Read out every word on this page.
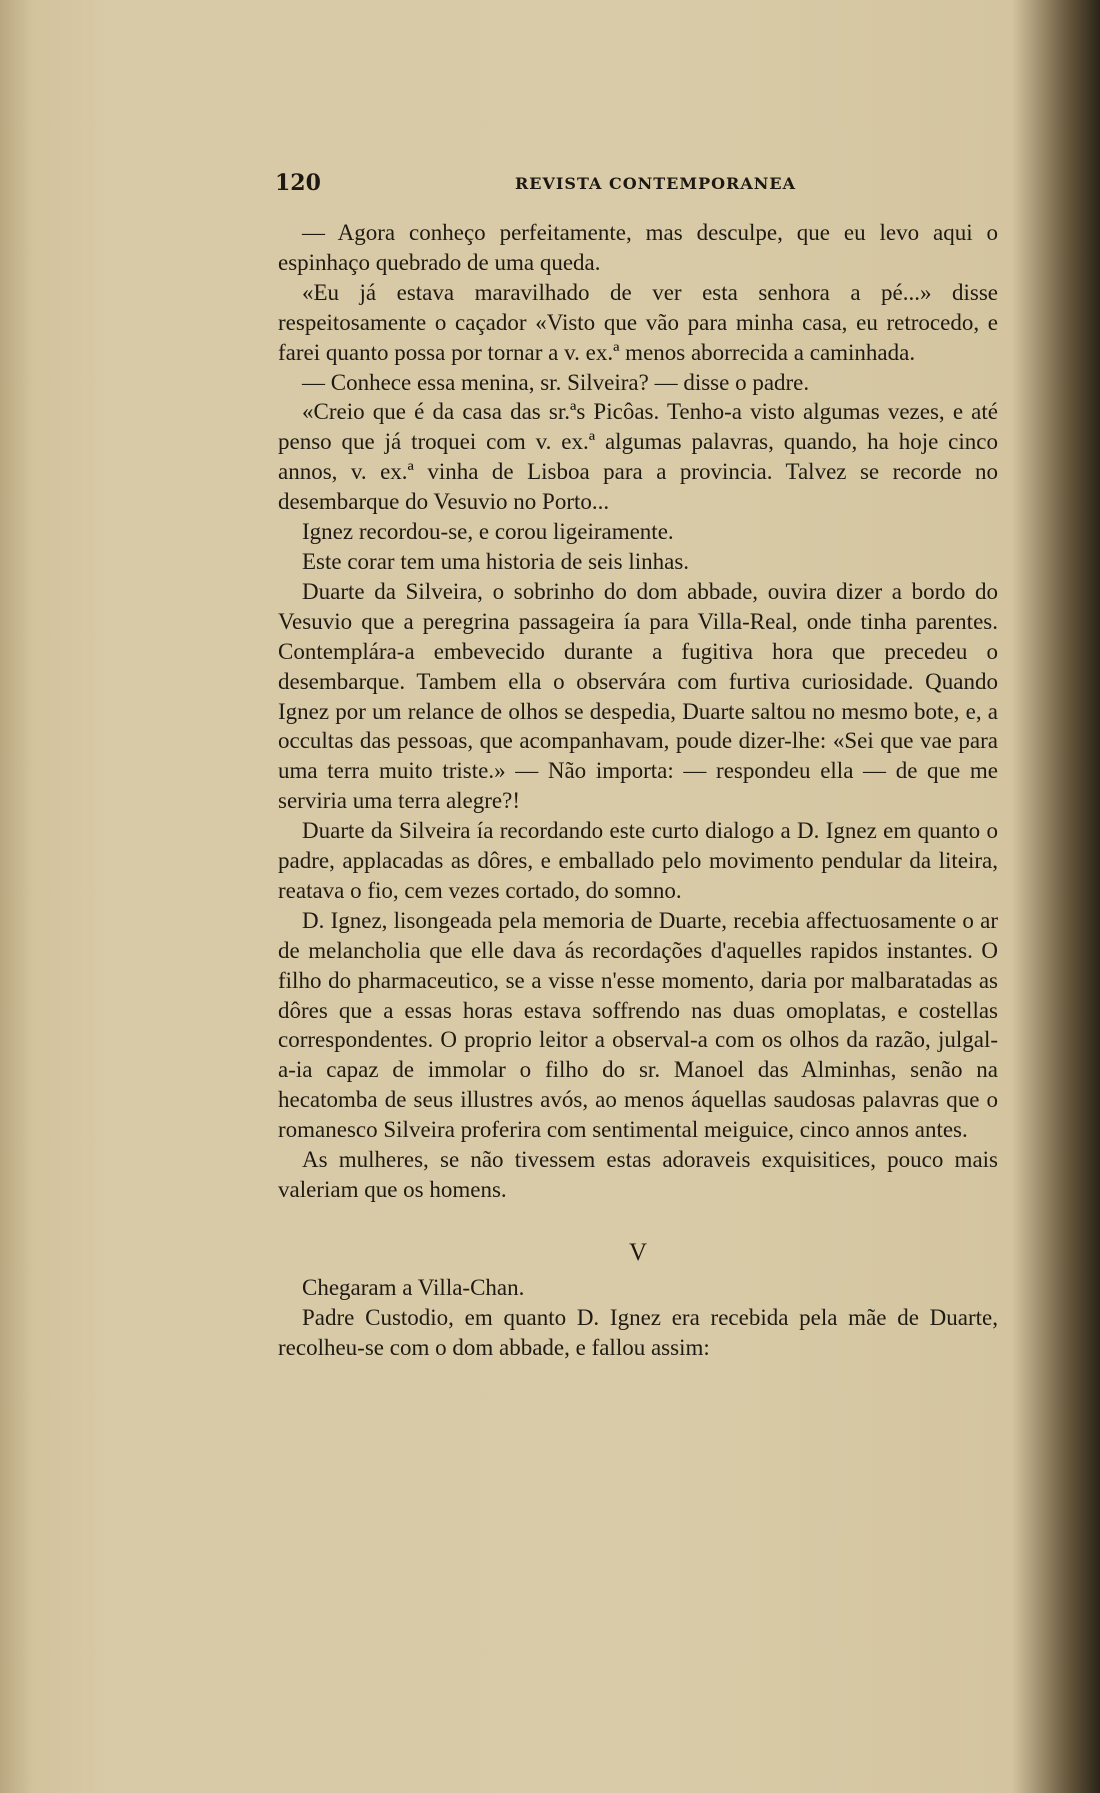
120	REVISTA CONTEMPORANEA

— Agora conheço perfeitamente, mas desculpe, que eu levo aqui o espinhaço quebrado de uma queda.

«Eu já estava maravilhado de ver esta senhora a pé...» disse respeitosamente o caçador «Visto que vão para minha casa, eu retrocedo, e farei quanto possa por tornar a v. ex.ª menos aborrecida a caminhada.

— Conhece essa menina, sr. Silveira? — disse o padre.

«Creio que é da casa das sr.ªs Picôas. Tenho-a visto algumas vezes, e até penso que já troquei com v. ex.ª algumas palavras, quando, ha hoje cinco annos, v. ex.ª vinha de Lisboa para a provincia. Talvez se recorde no desembarque do Vesuvio no Porto...

Ignez recordou-se, e corou ligeiramente.

Este corar tem uma historia de seis linhas.

Duarte da Silveira, o sobrinho do dom abbade, ouvira dizer a bordo do Vesuvio que a peregrina passageira ía para Villa-Real, onde tinha parentes. Contemplára-a embevecido durante a fugitiva hora que precedeu o desembarque. Tambem ella o observára com furtiva curiosidade. Quando Ignez por um relance de olhos se despedia, Duarte saltou no mesmo bote, e, a occultas das pessoas, que acompanhavam, poude dizer-lhe: «Sei que vae para uma terra muito triste.» — Não importa: — respondeu ella — de que me serviria uma terra alegre?!

Duarte da Silveira ía recordando este curto dialogo a D. Ignez em quanto o padre, applacadas as dôres, e emballado pelo movimento pendular da liteira, reatava o fio, cem vezes cortado, do somno.

D. Ignez, lisongeada pela memoria de Duarte, recebia affectuosamente o ar de melancholia que elle dava ás recordações d'aquelles rapidos instantes. O filho do pharmaceutico, se a visse n'esse momento, daria por malbaratadas as dôres que a essas horas estava soffrendo nas duas omoplatas, e costellas correspondentes. O proprio leitor a observal-a com os olhos da razão, julgal-a-ia capaz de immolar o filho do sr. Manoel das Alminhas, senão na hecatomba de seus illustres avós, ao menos áquellas saudosas palavras que o romanesco Silveira proferira com sentimental meiguice, cinco annos antes.

As mulheres, se não tivessem estas adoraveis exquisitices, pouco mais valeriam que os homens.

V

Chegaram a Villa-Chan.

Padre Custodio, em quanto D. Ignez era recebida pela mãe de Duarte, recolheu-se com o dom abbade, e fallou assim:
